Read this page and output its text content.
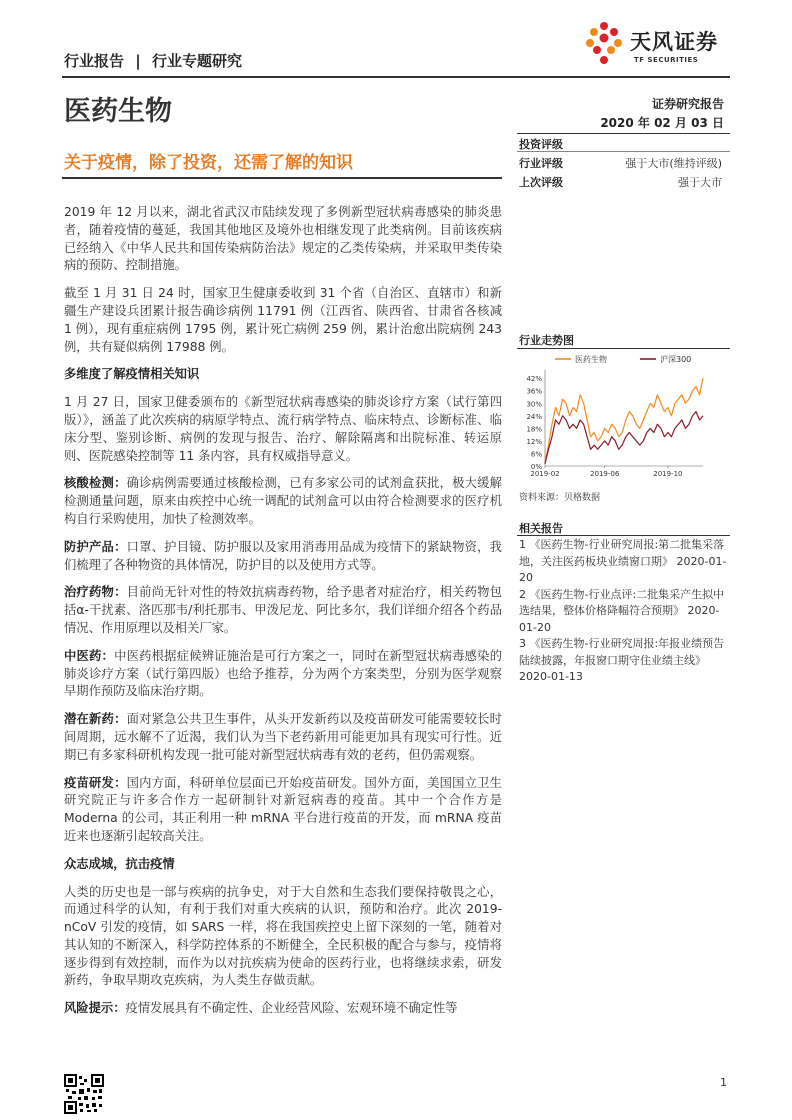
行业报告 | 行业专题研究
天风证券
TF SECURITIES
医药生物	证券研究报告
2020 年 02 月 03 日
关于疫情，除了投资，还需了解的知识
投资评级
行业评级	强于大市(维持评级)
上次评级	强于大市

2019 年 12 月以来，湖北省武汉市陆续发现了多例新型冠状病毒感染的肺炎患者，随着疫情的蔓延，我国其他地区及境外也相继发现了此类病例。目前该疾病已经纳入《中华人民共和国传染病防治法》规定的乙类传染病，并采取甲类传染病的预防、控制措施。

截至 1 月 31 日 24 时，国家卫生健康委收到 31 个省（自治区、直辖市）和新疆生产建设兵团累计报告确诊病例 11791 例（江西省、陕西省、甘肃省各核减 1 例），现有重症病例 1795 例，累计死亡病例 259 例，累计治愈出院病例 243 例，共有疑似病例 17988 例。

多维度了解疫情相关知识

1 月 27 日，国家卫健委颁布的《新型冠状病毒感染的肺炎诊疗方案（试行第四版）》，涵盖了此次疾病的病原学特点、流行病学特点、临床特点、诊断标准、临床分型、鉴别诊断、病例的发现与报告、治疗、解除隔离和出院标准、转运原则、医院感染控制等 11 条内容，具有权威指导意义。

核酸检测：确诊病例需要通过核酸检测，已有多家公司的试剂盒获批，极大缓解检测通量问题，原来由疾控中心统一调配的试剂盒可以由符合检测要求的医疗机构自行采购使用，加快了检测效率。

防护产品：口罩、护目镜、防护服以及家用消毒用品成为疫情下的紧缺物资，我们梳理了各种物资的具体情况，防护目的以及使用方式等。

治疗药物：目前尚无针对性的特效抗病毒药物，给予患者对症治疗，相关药物包括α-干扰素、洛匹那韦/利托那韦、甲泼尼龙、阿比多尔，我们详细介绍各个药品情况、作用原理以及相关厂家。

中医药：中医药根据症候辨证施治是可行方案之一，同时在新型冠状病毒感染的肺炎诊疗方案（试行第四版）也给予推荐，分为两个方案类型，分别为医学观察早期作预防及临床治疗期。

潜在新药：面对紧急公共卫生事件，从头开发新药以及疫苗研发可能需要较长时间周期，远水解不了近渴，我们认为当下老药新用可能更加具有现实可行性。近期已有多家科研机构发现一批可能对新型冠状病毒有效的老药，但仍需观察。

疫苗研发：国内方面，科研单位层面已开始疫苗研发。国外方面，美国国立卫生研究院正与许多合作方一起研制针对新冠病毒的疫苗。其中一个合作方是 Moderna 的公司，其正利用一种 mRNA 平台进行疫苗的开发，而 mRNA 疫苗近来也逐渐引起较高关注。

众志成城，抗击疫情

人类的历史也是一部与疾病的抗争史，对于大自然和生态我们要保持敬畏之心，而通过科学的认知，有利于我们对重大疾病的认识，预防和治疗。此次 2019-nCoV 引发的疫情，如 SARS 一样，将在我国疾控史上留下深刻的一笔，随着对其认知的不断深入，科学防控体系的不断健全，全民积极的配合与参与，疫情将逐步得到有效控制，而作为以对抗疾病为使命的医药行业，也将继续求索，研发新药，争取早期攻克疾病，为人类生存做贡献。

风险提示：疫情发展具有不确定性、企业经营风险、宏观环境不确定性等

行业走势图
医药生物	沪深300
0%
6%
12%
18%
24%
30%
36%
42%
2019-02	2019-06	2019-10
资料来源：贝格数据
相关报告

1 《医药生物-行业研究周报:第二批集采落地，关注医药板块业绩窗口期》 2020-01-20

2 《医药生物-行业点评:二批集采产生拟中选结果，整体价格降幅符合预期》 2020-01-20

3 《医药生物-行业研究周报:年报业绩预告陆续披露，年报窗口期守住业绩主线》 2020-01-13

1
